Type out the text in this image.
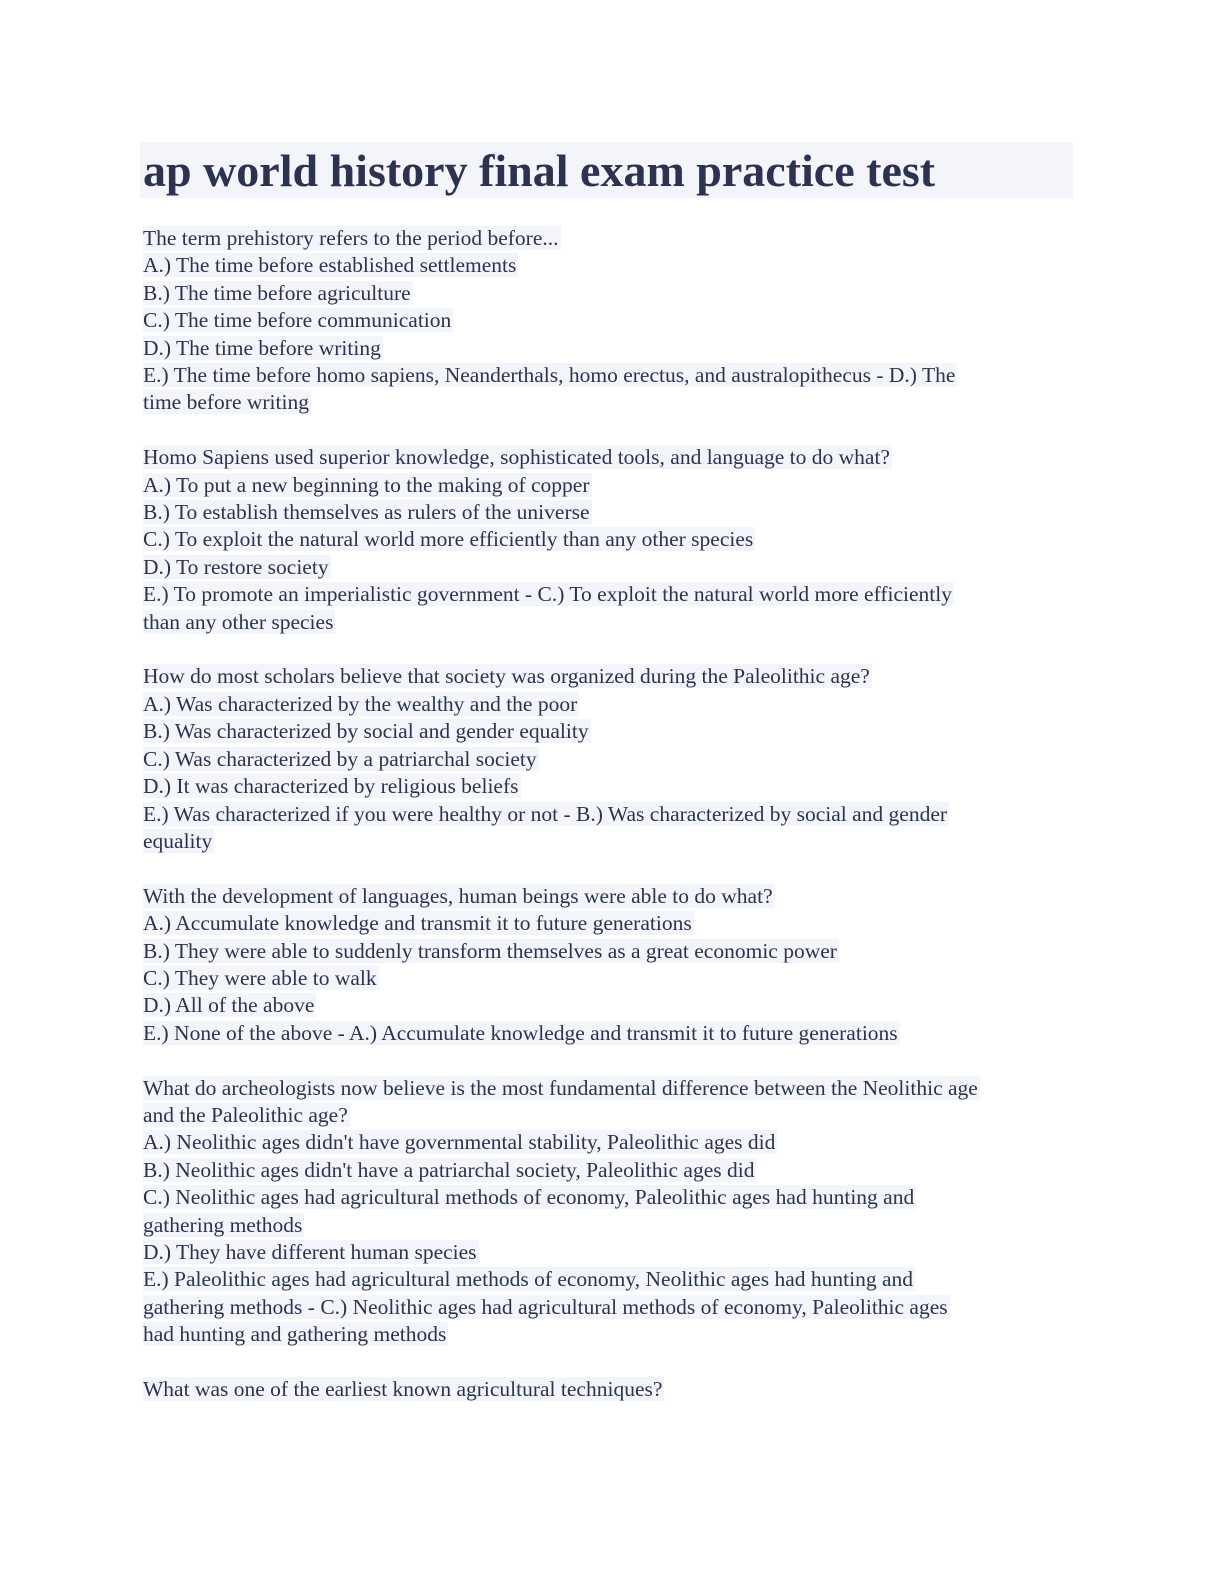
ap world history final exam practice test
The term prehistory refers to the period before...
A.) The time before established settlements
B.) The time before agriculture
C.) The time before communication
D.) The time before writing
E.) The time before homo sapiens, Neanderthals, homo erectus, and australopithecus - D.) The
time before writing
Homo Sapiens used superior knowledge, sophisticated tools, and language to do what?
A.) To put a new beginning to the making of copper
B.) To establish themselves as rulers of the universe
C.) To exploit the natural world more efficiently than any other species
D.) To restore society
E.) To promote an imperialistic government - C.) To exploit the natural world more efficiently
than any other species
How do most scholars believe that society was organized during the Paleolithic age?
A.) Was characterized by the wealthy and the poor
B.) Was characterized by social and gender equality
C.) Was characterized by a patriarchal society
D.) It was characterized by religious beliefs
E.) Was characterized if you were healthy or not - B.) Was characterized by social and gender
equality
With the development of languages, human beings were able to do what?
A.) Accumulate knowledge and transmit it to future generations
B.) They were able to suddenly transform themselves as a great economic power
C.) They were able to walk
D.) All of the above
E.) None of the above - A.) Accumulate knowledge and transmit it to future generations
What do archeologists now believe is the most fundamental difference between the Neolithic age
and the Paleolithic age?
A.) Neolithic ages didn't have governmental stability, Paleolithic ages did
B.) Neolithic ages didn't have a patriarchal society, Paleolithic ages did
C.) Neolithic ages had agricultural methods of economy, Paleolithic ages had hunting and
gathering methods
D.) They have different human species
E.) Paleolithic ages had agricultural methods of economy, Neolithic ages had hunting and
gathering methods - C.) Neolithic ages had agricultural methods of economy, Paleolithic ages
had hunting and gathering methods
What was one of the earliest known agricultural techniques?
